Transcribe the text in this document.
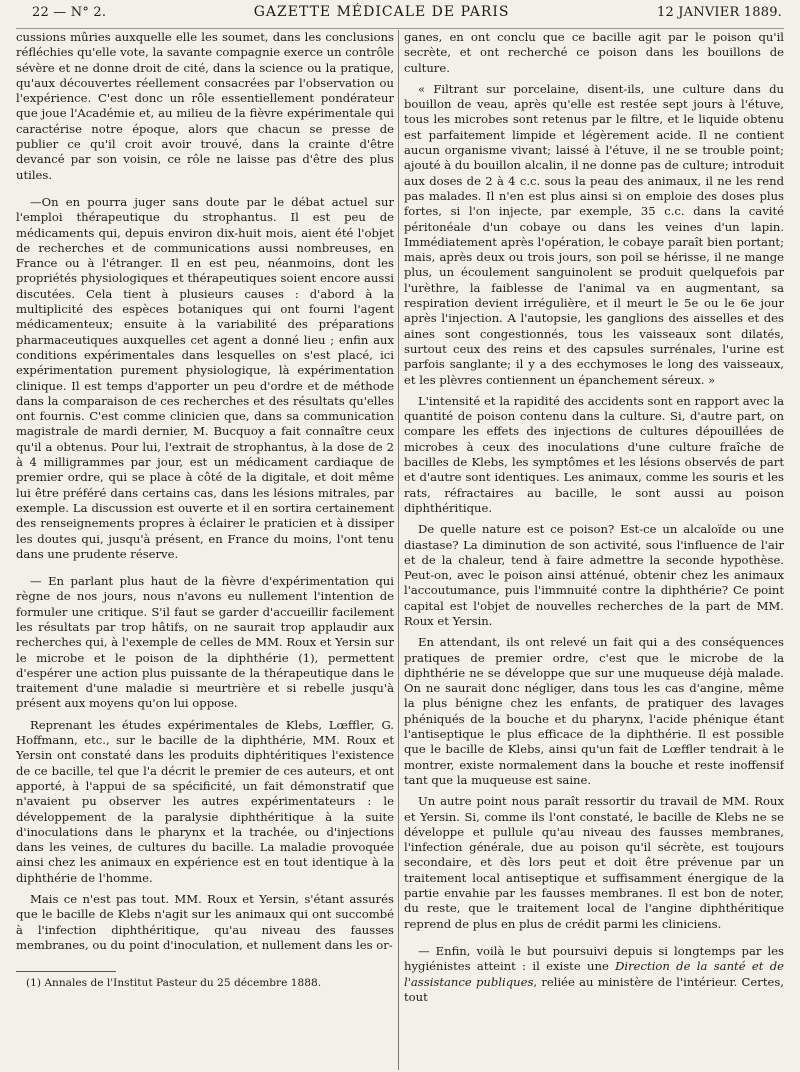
22 — N° 2.	GAZETTE MÉDICALE DE PARIS	12 JANVIER 1889.

cussions mûries auxquelle elle les soumet, dans les conclusions réfléchies qu'elle vote, la savante compagnie exerce un contrôle sévère et ne donne droit de cité, dans la science ou la pratique, qu'aux découvertes réellement consacrées par l'observation ou l'expérience. C'est donc un rôle essentiellement pondérateur que joue l'Académie et, au milieu de la fièvre expérimentale qui caractérise notre époque, alors que chacun se presse de publier ce qu'il croit avoir trouvé, dans la crainte d'être devancé par son voisin, ce rôle ne laisse pas d'être des plus utiles.

—On en pourra juger sans doute par le débat actuel sur l'emploi thérapeutique du strophantus. Il est peu de médicaments qui, depuis environ dix-huit mois, aient été l'objet de recherches et de communications aussi nombreuses, en France ou à l'étranger. Il en est peu, néanmoins, dont les propriétés physiologiques et thérapeutiques soient encore aussi discutées. Cela tient à plusieurs causes : d'abord à la multiplicité des espèces botaniques qui ont fourni l'agent médicamenteux; ensuite à la variabilité des préparations pharmaceutiques auxquelles cet agent a donné lieu ; enfin aux conditions expérimentales dans lesquelles on s'est placé, ici expérimentation purement physiologique, là expérimentation clinique. Il est temps d'apporter un peu d'ordre et de méthode dans la comparaison de ces recherches et des résultats qu'elles ont fournis. C'est comme clinicien que, dans sa communication magistrale de mardi dernier, M. Bucquoy a fait connaître ceux qu'il a obtenus. Pour lui, l'extrait de strophantus, à la dose de 2 à 4 milligrammes par jour, est un médicament cardiaque de premier ordre, qui se place à côté de la digitale, et doit même lui être préféré dans certains cas, dans les lésions mitrales, par exemple. La discussion est ouverte et il en sortira certainement des renseignements propres à éclairer le praticien et à dissiper les doutes qui, jusqu'à présent, en France du moins, l'ont tenu dans une prudente réserve.

— En parlant plus haut de la fièvre d'expérimentation qui règne de nos jours, nous n'avons eu nullement l'intention de formuler une critique. S'il faut se garder d'accueillir facilement les résultats par trop hâtifs, on ne saurait trop applaudir aux recherches qui, à l'exemple de celles de MM. Roux et Yersin sur le microbe et le poison de la diphthérie (1), permettent d'espérer une action plus puissante de la thérapeutique dans le traitement d'une maladie si meurtrière et si rebelle jusqu'à présent aux moyens qu'on lui oppose.

Reprenant les études expérimentales de Klebs, Lœffler, G. Hoffmann, etc., sur le bacille de la diphthérie, MM. Roux et Yersin ont constaté dans les produits diphtéritiques l'existence de ce bacille, tel que l'a décrit le premier de ces auteurs, et ont apporté, à l'appui de sa spécificité, un fait démonstratif que n'avaient pu observer les autres expérimentateurs : le développement de la paralysie diphthéritique à la suite d'inoculations dans le pharynx et la trachée, ou d'injections dans les veines, de cultures du bacille. La maladie provoquée ainsi chez les animaux en expérience est en tout identique à la diphthérie de l'homme.

Mais ce n'est pas tout. MM. Roux et Yersin, s'étant assurés que le bacille de Klebs n'agit sur les animaux qui ont succombé à l'infection diphthéritique, qu'au niveau des fausses membranes, ou du point d'inoculation, et nullement dans les or-

(1) Annales de l'Institut Pasteur du 25 décembre 1888.

ganes, en ont conclu que ce bacille agit par le poison qu'il secrète, et ont recherché ce poison dans les bouillons de culture.

« Filtrant sur porcelaine, disent-ils, une culture dans du bouillon de veau, après qu'elle est restée sept jours à l'étuve, tous les microbes sont retenus par le filtre, et le liquide obtenu est parfaitement limpide et légèrement acide. Il ne contient aucun organisme vivant; laissé à l'étuve, il ne se trouble point; ajouté à du bouillon alcalin, il ne donne pas de culture; introduit aux doses de 2 à 4 c.c. sous la peau des animaux, il ne les rend pas malades. Il n'en est plus ainsi si on emploie des doses plus fortes, si l'on injecte, par exemple, 35 c.c. dans la cavité péritonéale d'un cobaye ou dans les veines d'un lapin. Immédiatement après l'opération, le cobaye paraît bien portant; mais, après deux ou trois jours, son poil se hérisse, il ne mange plus, un écoulement sanguinolent se produit quelquefois par l'urèthre, la faiblesse de l'animal va en augmentant, sa respiration devient irrégulière, et il meurt le 5e ou le 6e jour après l'injection. A l'autopsie, les ganglions des aisselles et des aines sont congestionnés, tous les vaisseaux sont dilatés, surtout ceux des reins et des capsules surrénales, l'urine est parfois sanglante; il y a des ecchymoses le long des vaisseaux, et les plèvres contiennent un épanchement séreux. »

L'intensité et la rapidité des accidents sont en rapport avec la quantité de poison contenu dans la culture. Si, d'autre part, on compare les effets des injections de cultures dépouillées de microbes à ceux des inoculations d'une culture fraîche de bacilles de Klebs, les symptômes et les lésions observés de part et d'autre sont identiques. Les animaux, comme les souris et les rats, réfractaires au bacille, le sont aussi au poison diphthéritique.

De quelle nature est ce poison? Est-ce un alcaloïde ou une diastase? La diminution de son activité, sous l'influence de l'air et de la chaleur, tend à faire admettre la seconde hypothèse. Peut-on, avec le poison ainsi atténué, obtenir chez les animaux l'accoutumance, puis l'immnuité contre la diphthérie? Ce point capital est l'objet de nouvelles recherches de la part de MM. Roux et Yersin.

En attendant, ils ont relevé un fait qui a des conséquences pratiques de premier ordre, c'est que le microbe de la diphthérie ne se développe que sur une muqueuse déjà malade. On ne saurait donc négliger, dans tous les cas d'angine, même la plus bénigne chez les enfants, de pratiquer des lavages phéniqués de la bouche et du pharynx, l'acide phénique étant l'antiseptique le plus efficace de la diphthérie. Il est possible que le bacille de Klebs, ainsi qu'un fait de Lœffler tendrait à le montrer, existe normalement dans la bouche et reste inoffensif tant que la muqueuse est saine.

Un autre point nous paraît ressortir du travail de MM. Roux et Yersin. Si, comme ils l'ont constaté, le bacille de Klebs ne se développe et pullule qu'au niveau des fausses membranes, l'infection générale, due au poison qu'il sécrète, est toujours secondaire, et dès lors peut et doit être prévenue par un traitement local antiseptique et suffisamment énergique de la partie envahie par les fausses membranes. Il est bon de noter, du reste, que le traitement local de l'angine diphthéritique reprend de plus en plus de crédit parmi les cliniciens.

— Enfin, voilà le but poursuivi depuis si longtemps par les hygiénistes atteint : il existe une Direction de la santé et de l'assistance publiques, reliée au ministère de l'intérieur. Certes, tout
